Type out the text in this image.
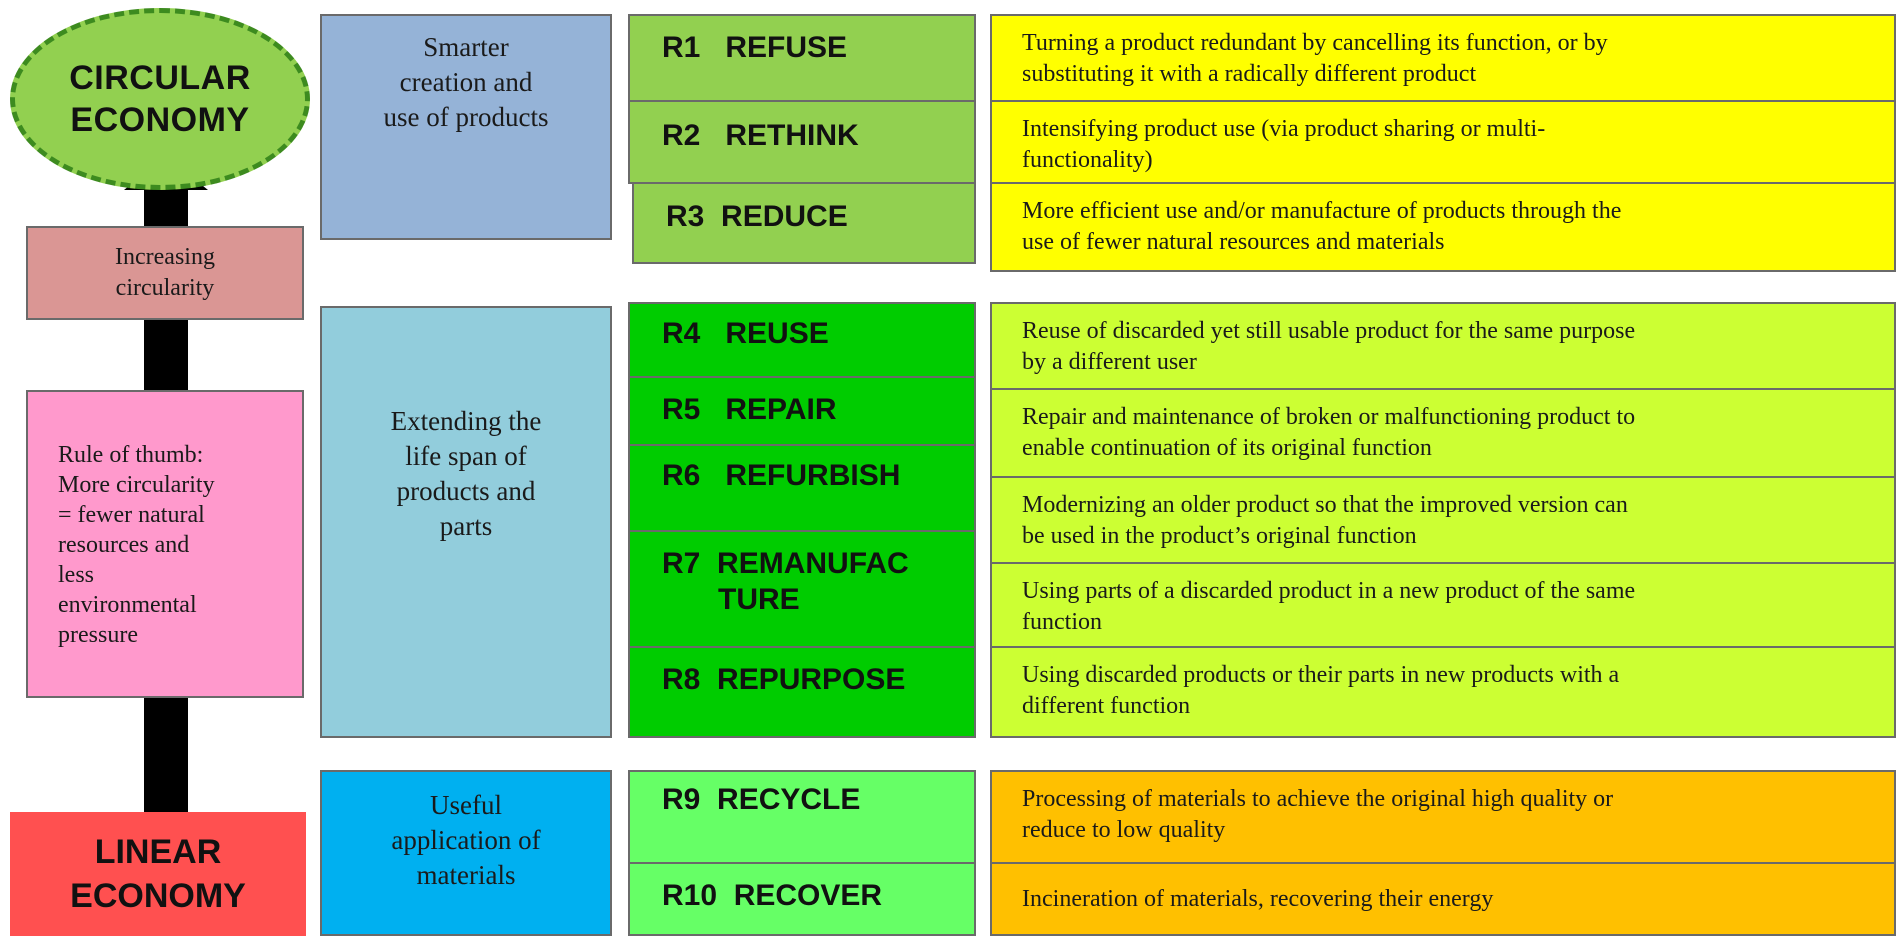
CIRCULAR
ECONOMY
Increasing
circularity
Rule of thumb:
More circularity
= fewer natural
resources and
less
environmental
pressure
LINEAR
ECONOMY
Smarter
creation and
use of products
Extending the
life span of
products and
parts
Useful
application of
materials
R1 REFUSE
R2 RETHINK
R3 REDUCE
R4 REUSE
R5 REPAIR
R6 REFURBISH
R7 REMANUFAC
TURE
R8 REPURPOSE
R9 RECYCLE
R10 RECOVER
Turning a product redundant by cancelling its function, or by
substituting it with a radically different product
Intensifying product use (via product sharing or multi-
functionality)
More efficient use and/or manufacture of products through the
use of fewer natural resources and materials
Reuse of discarded yet still usable product for the same purpose
by a different user
Repair and maintenance of broken or malfunctioning product to
enable continuation of its original function
Modernizing an older product so that the improved version can
be used in the product’s original function
Using parts of a discarded product in a new product of the same
function
Using discarded products or their parts in new products with a
different function
Processing of materials to achieve the original high quality or
reduce to low quality
Incineration of materials, recovering their energy
